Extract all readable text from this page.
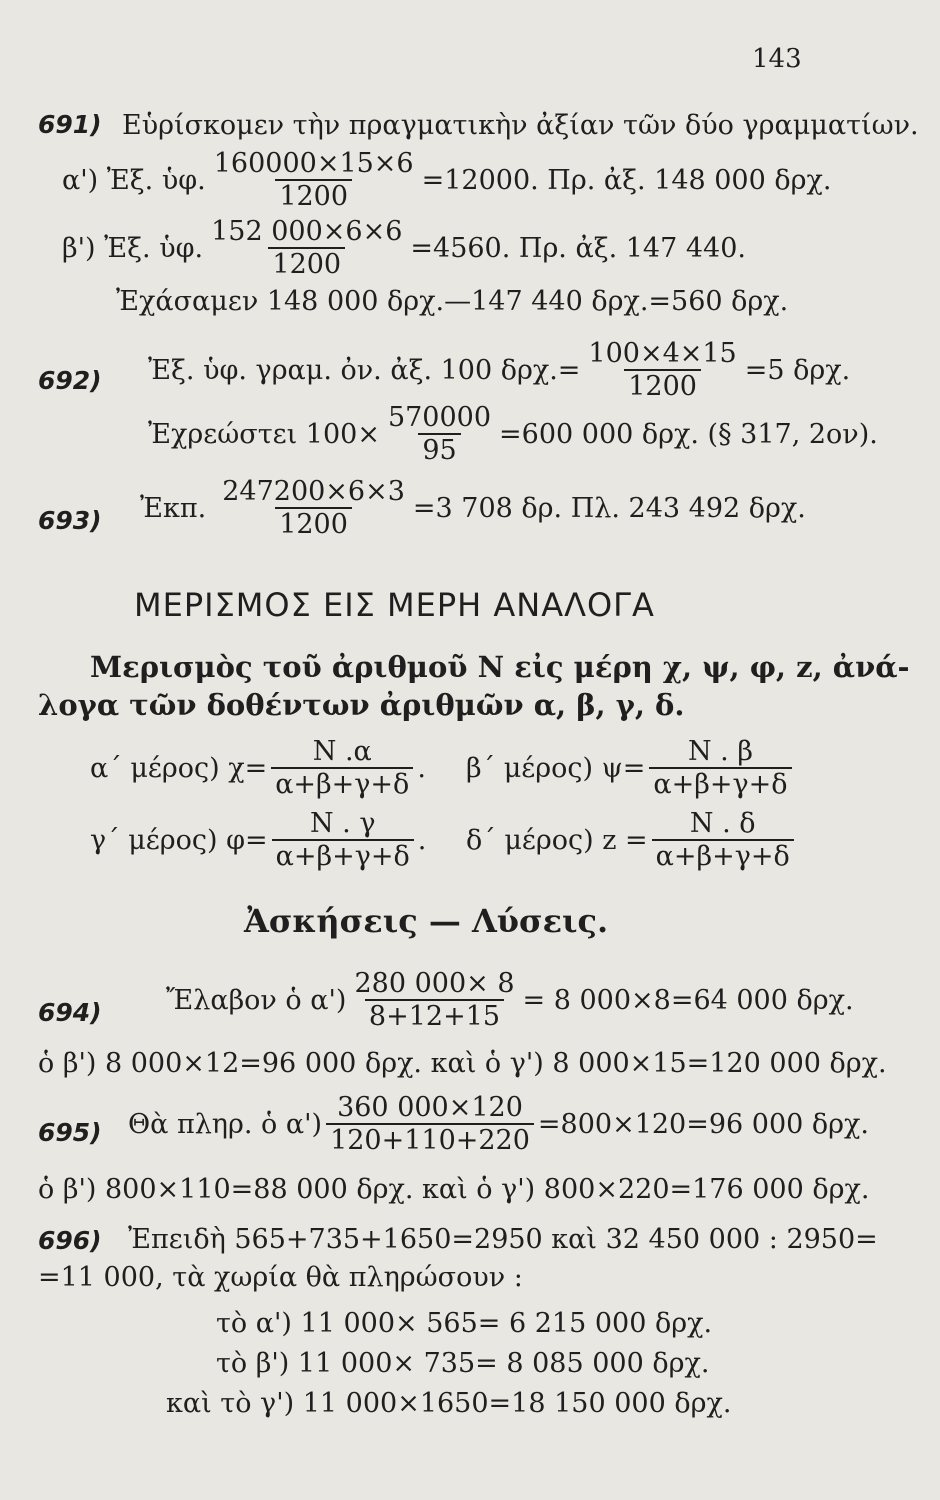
143
691) Εὑρίσκομεν τὴν πραγματικὴν ἀξίαν τῶν δύο γραμματίων.
α') Ἐξ. ὑφ. $\frac{160000\times 15\times 6}{1200} =12000$. Πρ. ἀξ. 148 000 δρχ.
β') Ἐξ. ὑφ. $\frac{152 000\times 6\times 6}{1200} =4560$. Πρ. ἀξ. 147 440.
Ἐχάσαμεν 148 000 δρχ.—147 440 δρχ.=560 δρχ.
692) Ἐξ. ὑφ. γραμ. ὀν. ἀξ. 100 $\delta\rho\chi.= \frac{100\times 4\times 15}{1200} =5$ δρχ.
Ἐχρεώστει $100\times \frac{570000}{95} =600$ 000 δρχ. (§ 317, 2ον).
693) Ἐκπ. $\frac{247200\times 6\times 3}{1200} =3$ 708 δρ. Πλ. 243 492 δρχ.
ΜΕΡΙΣΜΟΣ ΕΙΣ ΜΕΡΗ ΑΝΑΛΟΓΑ
Μερισμὸς τοῦ ἀριθμοῦ N εἰς μέρη χ, ψ, φ, z, ἀνά-
λογα τῶν δοθέντων ἀριθμῶν α, β, γ, δ.
α΄ μέρος) $\chi= \frac{N .\alpha}{\alpha+\beta+\gamma+\delta}$ . β΄ μέρος) $\psi= \frac{N . \beta}{\alpha+\beta+\gamma+\delta}$
γ΄ μέρος) $\varphi= \frac{N . \gamma}{\alpha+\beta+\gamma+\delta}$ . δ΄ μέρος) $z = \frac{N . \delta}{\alpha+\beta+\gamma+\delta}$
Ἀσκήσεις — Λύσεις.
694) Ἔλαβον ὁ $\alpha') \frac{280 000\times 8}{8+12+15} = 8$ 000×8=64 000 δρχ.
ὁ β') 8 000×12=96 000 δρχ. καὶ ὁ γ') 8 000×15=120 000 δρχ.
695) Θὰ πληρ. ὁ $\alpha') \frac{360 000\times 120}{120+110+220} =800\times 120=96$ 000 δρχ.
ὁ β') 800×110=88 000 δρχ. καὶ ὁ γ') 800×220=176 000 δρχ.
696) Ἐπειδὴ 565+735+1650=2950 καὶ 32 450 000 : 2950=
=11 000, τὰ χωρία θὰ πληρώσουν :
τὸ α') 11 000× 565= 6 215 000 δρχ.
τὸ β') 11 000× 735= 8 085 000 δρχ.
καὶ τὸ γ') 11 000×1650=18 150 000 δρχ.
